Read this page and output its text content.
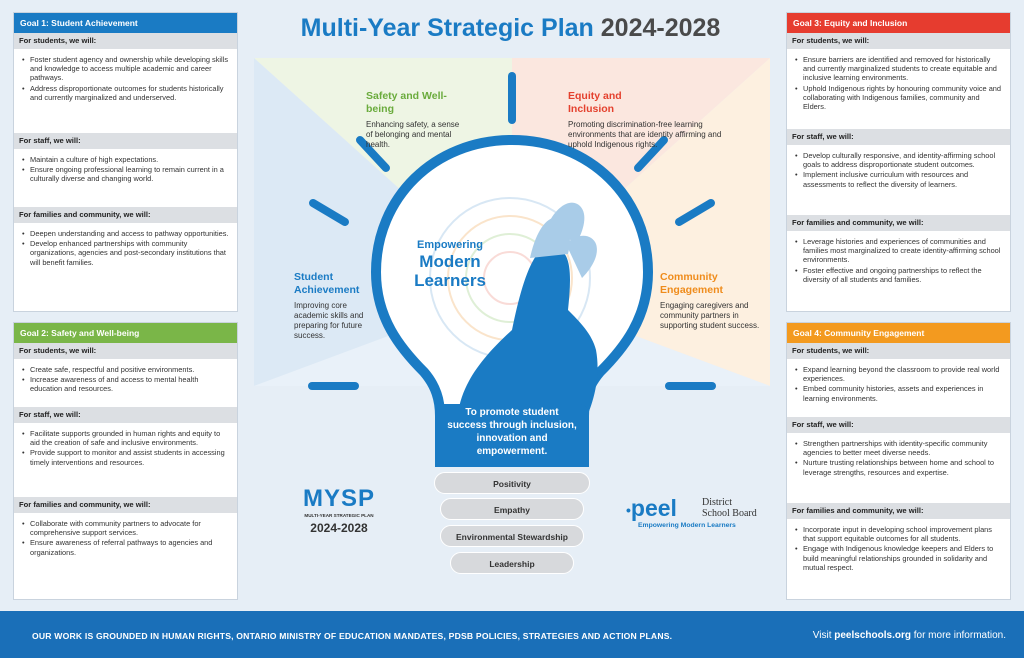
Multi-Year Strategic Plan 2024-2028
Safety and Well-being
Enhancing safety, a sense of belonging and mental health.
Equity and Inclusion
Promoting discrimination-free learning environments that are identity affirming and uphold Indigenous rights.
Student Achievement
Improving core academic skills and preparing for future success.
Community Engagement
Engaging caregivers and community partners in supporting student success.
Empowering
Modern
Learners
To promote student success through inclusion, innovation and empowerment.
Positivity
Empathy
Environmental Stewardship
Leadership
MYSP
MULTI-YEAR STRATEGIC PLAN
2024-2028
•peel	District
School Board
Empowering Modern Learners
Goal 1: Student Achievement
For students, we will:
• Foster student agency and ownership while developing skills and knowledge to access multiple academic and career pathways.
• Address disproportionate outcomes for students historically and currently marginalized and underserved.
For staff, we will:
• Maintain a culture of high expectations.
• Ensure ongoing professional learning to remain current in a culturally diverse and changing world.
For families and community, we will:
• Deepen understanding and access to pathway opportunities.
• Develop enhanced partnerships with community organizations, agencies and post-secondary institutions that will benefit families.
Goal 2: Safety and Well-being
For students, we will:
• Create safe, respectful and positive environments.
• Increase awareness of and access to mental health education and resources.
For staff, we will:
• Facilitate supports grounded in human rights and equity to aid the creation of safe and inclusive environments.
• Provide support to monitor and assist students in accessing timely interventions and resources.
For families and community, we will:
• Collaborate with community partners to advocate for comprehensive support services.
• Ensure awareness of referral pathways to agencies and organizations.
Goal 3: Equity and Inclusion
For students, we will:
• Ensure barriers are identified and removed for historically and currently marginalized students to create equitable and inclusive learning environments.
• Uphold Indigenous rights by honouring community voice and collaborating with Indigenous families, community and Elders.
For staff, we will:
• Develop culturally responsive, and identity-affirming school goals to address disproportionate student outcomes.
• Implement inclusive curriculum with resources and assessments to reflect the diversity of learners.
For families and community, we will:
• Leverage histories and experiences of communities and families most marginalized to create identity-affirming school environments.
• Foster effective and ongoing partnerships to reflect the diversity of all students and families.
Goal 4: Community Engagement
For students, we will:
• Expand learning beyond the classroom to provide real world experiences.
• Embed community histories, assets and experiences in learning environments.
For staff, we will:
• Strengthen partnerships with identity-specific community agencies to better meet diverse needs.
• Nurture trusting relationships between home and school to leverage strengths, resources and expertise.
For families and community, we will:
• Incorporate input in developing school improvement plans that support equitable outcomes for all students.
• Engage with Indigenous knowledge keepers and Elders to build meaningful relationships grounded in solidarity and mutual respect.
OUR WORK IS GROUNDED IN HUMAN RIGHTS, ONTARIO MINISTRY OF EDUCATION MANDATES, PDSB POLICIES, STRATEGIES AND ACTION PLANS.	Visit peelschools.org for more information.
